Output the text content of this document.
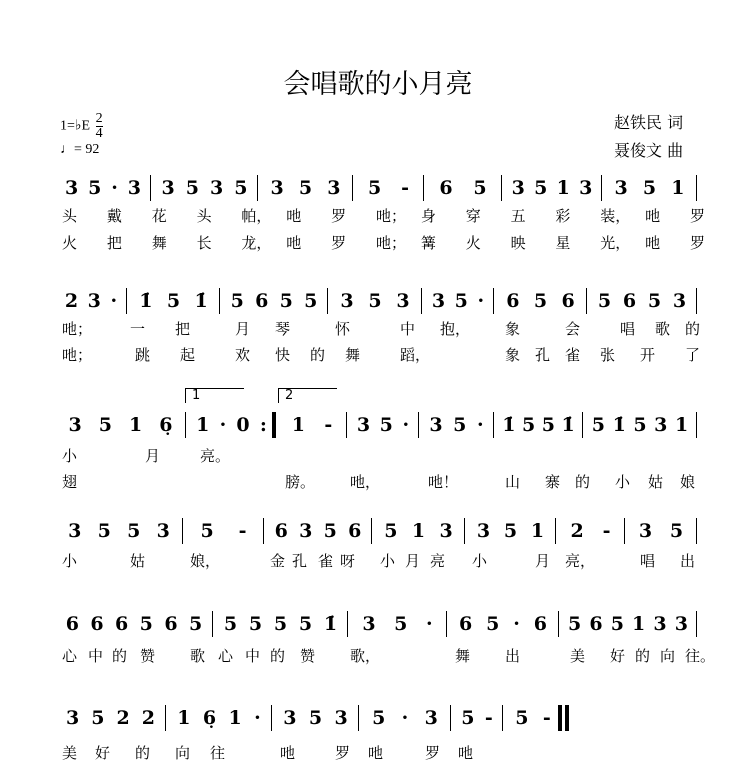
会唱歌的小月亮
1=♭E $\frac{2}{4}$
♩= 92
赵铁民 词
聂俊文 曲
3 5 · 3 3 5 3 5 3 5 3 5 - 6 5 3 5 1 3 3 5 1
头 戴 花 头 帕， 吔 罗 吔； 身 穿 五 彩 装， 吔 罗
火 把 舞 长 龙， 吔 罗 吔； 篝 火 映 星 光， 吔 罗
2 3 · 1̇ 5 1̇ 5 6 5 5 3 5 3 3 5 · 6 5 6 5 6 5 3
吔；	一 把	月 琴	怀	中 抱， 象	会	唱 歌 的
吔；	跳 起	欢 快 的 舞	蹈，	象 孔 雀 张 开 了
3 5 1 6̣
1
1 · 0 :
2
1 - 3 5 · 3 5 · 1̇ 5 5 1̇ 5 1̇ 5 3 1
小	月	亮。
翅	膀。 吔，	吔！	山 寨 的 小 姑 娘
3 5 5 3 5 - 6 3 5 6 5 1 3 3 5 1 2 - 3 5
小	姑	娘，	金 孔 雀 呀 小 月 亮 小	月 亮，	唱 出
6 6 6 5 6 5 5 5 5 5 1̇ 3 5 · 6 5 · 6 5 6 5 1 3 3
心 中 的 赞 歌 心 中 的 赞 歌，	舞 出	美 好 的 向 往。
3 5 2 2 1 6̣ 1 · 3 5 3 5 · 3 5 - 5 -
美 好 的 向 往	吔	罗 吔	罗 吔
